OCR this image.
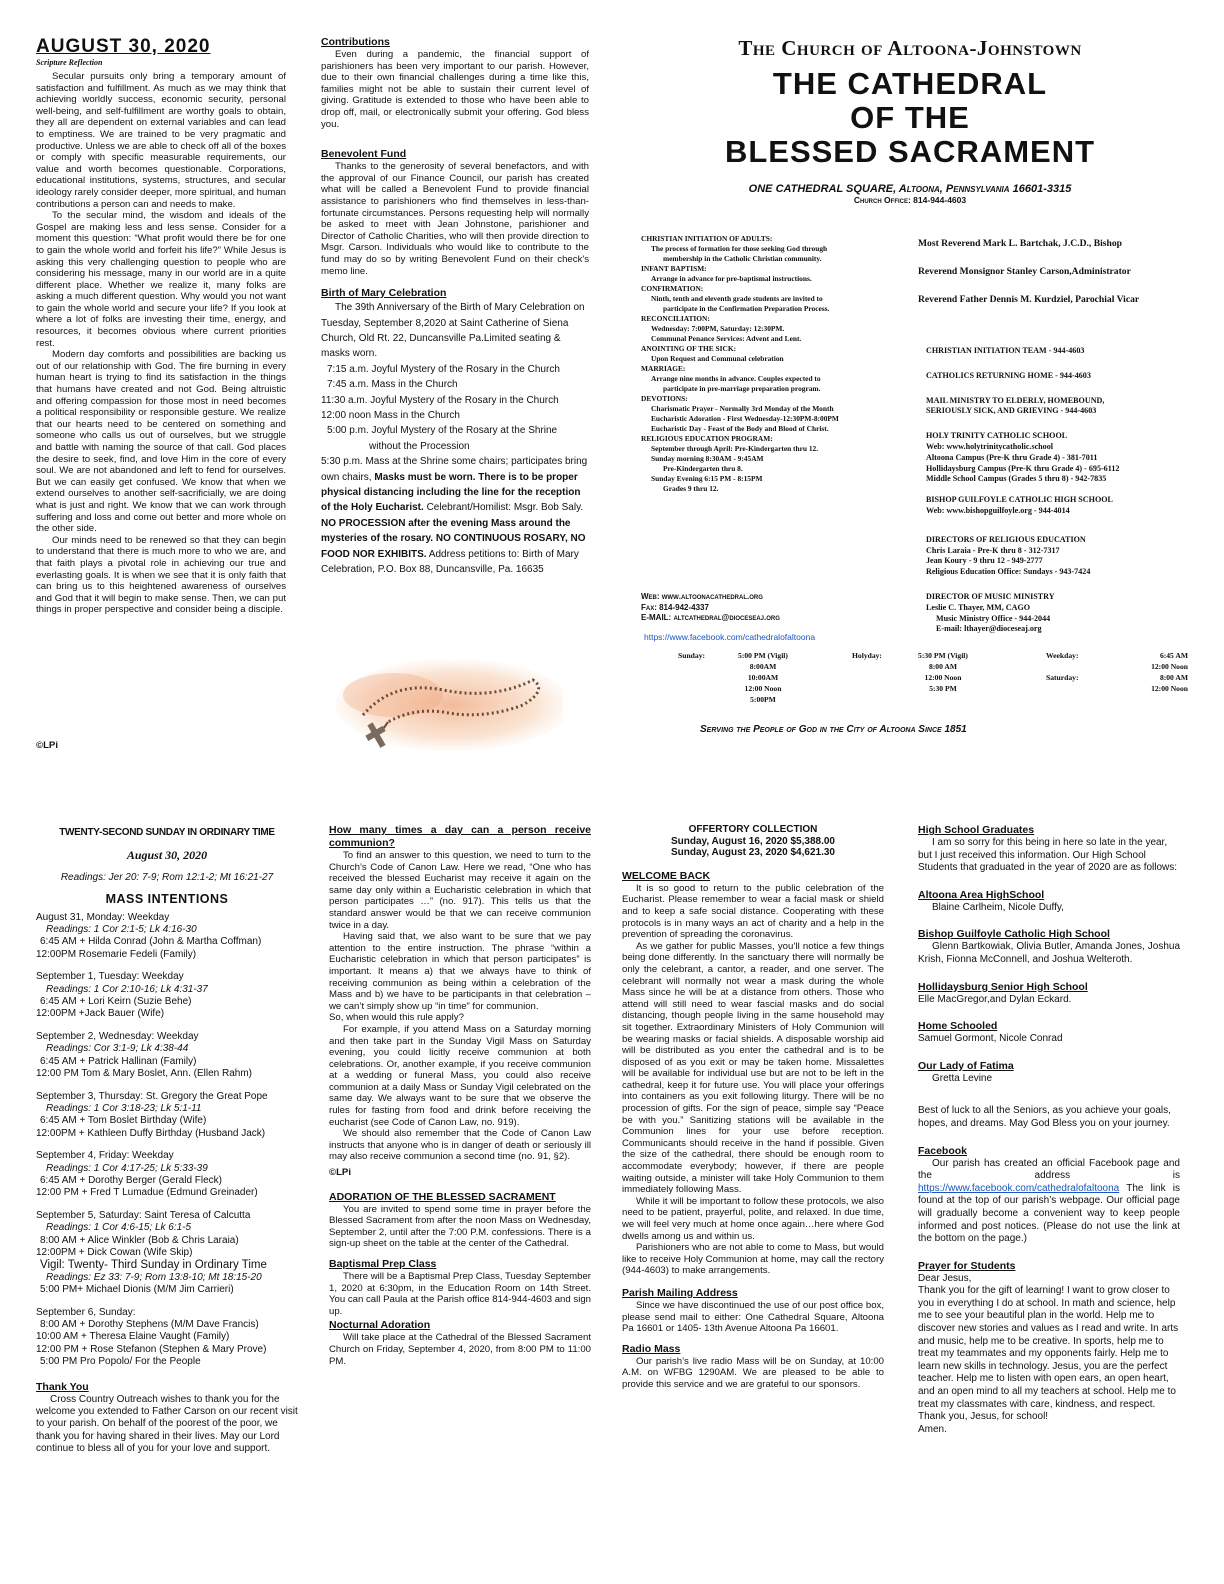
AUGUST 30, 2020
Scripture Reflection

Secular pursuits only bring a temporary amount of satisfaction and fulfillment. As much as we may think that achieving worldly success, economic security, personal well-being, and self-fulfillment are worthy goals to obtain, they all are dependent on external variables and can lead to emptiness. We are trained to be very pragmatic and productive. Unless we are able to check off all of the boxes or comply with specific measurable requirements, our value and worth becomes questionable. Corporations, educational institutions, systems, structures, and secular ideology rarely consider deeper, more spiritual, and human contributions a person can and needs to make.

To the secular mind, the wisdom and ideals of the Gospel are making less and less sense. Consider for a moment this question: “What profit would there be for one to gain the whole world and forfeit his life?” While Jesus is asking this very challenging question to people who are considering his message, many in our world are in a quite different place. Whether we realize it, many folks are asking a much different question. Why would you not want to gain the whole world and secure your life? If you look at where a lot of folks are investing their time, energy, and resources, it becomes obvious where current priorities rest.

Modern day comforts and possibilities are backing us out of our relationship with God. The fire burning in every human heart is trying to find its satisfaction in the things that humans have created and not God. Being altruistic and offering compassion for those most in need becomes a political responsibility or responsible gesture. We realize that our hearts need to be centered on something and someone who calls us out of ourselves, but we struggle and battle with naming the source of that call. God places the desire to seek, find, and love Him in the core of every soul. We are not abandoned and left to fend for ourselves. But we can easily get confused. We know that when we extend ourselves to another self-sacrificially, we are doing what is just and right. We know that we can work through suffering and loss and come out better and more whole on the other side.

Our minds need to be renewed so that they can begin to understand that there is much more to who we are, and that faith plays a pivotal role in achieving our true and everlasting goals. It is when we see that it is only faith that can bring us to this heightened awareness of ourselves and God that it will begin to make sense. Then, we can put things in proper perspective and consider being a disciple.

©LPi
Contributions

Even during a pandemic, the financial support of parishioners has been very important to our parish. However, due to their own financial challenges during a time like this, families might not be able to sustain their current level of giving. Gratitude is extended to those who have been able to drop off, mail, or electronically submit your offering. God bless you.

Benevolent Fund

Thanks to the generosity of several benefactors, and with the approval of our Finance Council, our parish has created what will be called a Benevolent Fund to provide financial assistance to parishioners who find themselves in less-than-fortunate circumstances. Persons requesting help will normally be asked to meet with Jean Johnstone, parishioner and Director of Catholic Charities, who will then provide direction to Msgr. Carson. Individuals who would like to contribute to the fund may do so by writing Benevolent Fund on their check's memo line.

Birth of Mary Celebration

The 39th Anniversary of the Birth of Mary Celebration on Tuesday, September 8,2020 at Saint Catherine of Siena Church, Old Rt. 22, Duncansville Pa.Limited seating & masks worn.

7:15 a.m. Joyful Mystery of the Rosary in the Church
7:45 a.m. Mass in the Church
11:30 a.m. Joyful Mystery of the Rosary in the Church
12:00 noon Mass in the Church
5:00 p.m. Joyful Mystery of the Rosary at the Shrine
without the Procession

5:30 p.m. Mass at the Shrine some chairs; participates bring own chairs, Masks must be worn. There is to be proper physical distancing including the line for the reception of the Holy Eucharist. Celebrant/Homilist: Msgr. Bob Saly. NO PROCESSION after the evening Mass around the mysteries of the rosary. NO CONTINUOUS ROSARY, NO FOOD NOR EXHIBITS. Address petitions to: Birth of Mary Celebration, P.O. Box 88, Duncansville, Pa. 16635

The Church of Altoona-Johnstown
THE CATHEDRAL
OF THE
BLESSED SACRAMENT
ONE CATHEDRAL SQUARE, Altoona, Pennsylvania 16601-3315
Church Office: 814-944-4603
CHRISTIAN INITIATION OF ADULTS:
The process of formation for those seeking God through
membership in the Catholic Christian community.
INFANT BAPTISM:
Arrange in advance for pre-baptismal instructions.
CONFIRMATION:
Ninth, tenth and eleventh grade students are invited to
participate in the Confirmation Preparation Process.
RECONCILIATION:
Wednesday: 7:00PM, Saturday: 12:30PM.
Communal Penance Services: Advent and Lent.
ANOINTING OF THE SICK:
Upon Request and Communal celebration
MARRIAGE:
Arrange nine months in advance. Couples expected to
participate in pre-marriage preparation program.
DEVOTIONS:
Charismatic Prayer - Normally 3rd Monday of the Month
Eucharistic Adoration - First Wednesday-12:30PM-8:00PM
Eucharistic Day - Feast of the Body and Blood of Christ.
RELIGIOUS EDUCATION PROGRAM:
September through April: Pre-Kindergarten thru 12.
Sunday morning 8:30AM - 9:45AM
Pre-Kindergarten thru 8.
Sunday Evening 6:15 PM - 8:15PM
Grades 9 thru 12.
Web: www.altoonacathedral.org
Fax: 814-942-4337
E-MAIL: altcathedral@dioceseaj.org
https://www.facebook.com/cathedralofaltoona
Most Reverend Mark L. Bartchak, J.C.D., Bishop
Reverend Monsignor Stanley Carson,Administrator
Reverend Father Dennis M. Kurdziel, Parochial Vicar
CHRISTIAN INITIATION TEAM - 944-4603
CATHOLICS RETURNING HOME - 944-4603
MAIL MINISTRY TO ELDERLY, HOMEBOUND,
SERIOUSLY SICK, AND GRIEVING - 944-4603
HOLY TRINITY CATHOLIC SCHOOL
Web: www.holytrinitycatholic.school
Altoona Campus (Pre-K thru Grade 4) - 381-7011
Hollidaysburg Campus (Pre-K thru Grade 4) - 695-6112
Middle School Campus (Grades 5 thru 8) - 942-7835
BISHOP GUILFOYLE CATHOLIC HIGH SCHOOL
Web: www.bishopguilfoyle.org - 944-4014
DIRECTORS OF RELIGIOUS EDUCATION
Chris Laraia - Pre-K thru 8 - 312-7317
Jean Koury - 9 thru 12 - 949-2777
Religious Education Office: Sundays - 943-7424
DIRECTOR OF MUSIC MINISTRY
Leslie C. Thayer, MM, CAGO
Music Ministry Office - 944-2044
E-mail: lthayer@dioceseaj.org
Sunday:	5:00 PM (Vigil)
8:00AM
10:00AM
12:00 Noon
5:00PM
Holyday:	5:30 PM (Vigil)
8:00 AM
12:00 Noon
5:30 PM
Weekday:	6:45 AM
12:00 Noon
Saturday:	8:00 AM
12:00 Noon
Serving the People of God in the City of Altoona Since 1851
TWENTY-SECOND SUNDAY IN ORDINARY TIME
August 30, 2020
Readings: Jer 20: 7-9; Rom 12:1-2; Mt 16:21-27
MASS INTENTIONS
August 31, Monday: Weekday
Readings: 1 Cor 2:1-5; Lk 4:16-30
6:45 AM + Hilda Conrad (John & Martha Coffman)
12:00PM Rosemarie Fedeli (Family)
September 1, Tuesday: Weekday
Readings: 1 Cor 2:10-16; Lk 4:31-37
6:45 AM + Lori Keirn (Suzie Behe)
12:00PM +Jack Bauer (Wife)
September 2, Wednesday: Weekday
Readings: Cor 3:1-9; Lk 4:38-44
6:45 AM + Patrick Hallinan (Family)
12:00 PM Tom & Mary Boslet, Ann. (Ellen Rahm)
September 3, Thursday: St. Gregory the Great Pope
Readings: 1 Cor 3:18-23; Lk 5:1-11
6:45 AM + Tom Boslet Birthday (Wife)
12:00PM + Kathleen Duffy Birthday (Husband Jack)
September 4, Friday: Weekday
Readings: 1 Cor 4:17-25; Lk 5:33-39
6:45 AM + Dorothy Berger (Gerald Fleck)
12:00 PM + Fred T Lumadue (Edmund Greinader)
September 5, Saturday: Saint Teresa of Calcutta
Readings: 1 Cor 4:6-15; Lk 6:1-5
8:00 AM + Alice Winkler (Bob & Chris Laraia)
12:00PM + Dick Cowan (Wife Skip)
Vigil: Twenty- Third Sunday in Ordinary Time
Readings: Ez 33: 7-9; Rom 13:8-10; Mt 18:15-20
5:00 PM+ Michael Dionis (M/M Jim Carrieri)
September 6, Sunday:
8:00 AM + Dorothy Stephens (M/M Dave Francis)
10:00 AM + Theresa Elaine Vaught (Family)
12:00 PM + Rose Stefanon (Stephen & Mary Prove)
5:00 PM Pro Popolo/ For the People
Thank You

Cross Country Outreach wishes to thank you for the welcome you extended to Father Carson on our recent visit to your parish. On behalf of the poorest of the poor, we thank you for having shared in their lives. May our Lord continue to bless all of you for your love and support.

How many times a day can a person receive communion?

To find an answer to this question, we need to turn to the Church’s Code of Canon Law. Here we read, “One who has received the blessed Eucharist may receive it again on the same day only within a Eucharistic celebration in which that person participates …” (no. 917). This tells us that the standard answer would be that we can receive communion twice in a day.

Having said that, we also want to be sure that we pay attention to the entire instruction. The phrase “within a Eucharistic celebration in which that person participates” is important. It means a) that we always have to think of receiving communion as being within a celebration of the Mass and b) we have to be participants in that celebration – we can’t simply show up “in time” for communion.

So, when would this rule apply?

For example, if you attend Mass on a Saturday morning and then take part in the Sunday Vigil Mass on Saturday evening, you could licitly receive communion at both celebrations. Or, another example, if you receive communion at a wedding or funeral Mass, you could also receive communion at a daily Mass or Sunday Vigil celebrated on the same day. We always want to be sure that we observe the rules for fasting from food and drink before receiving the eucharist (see Code of Canon Law, no. 919).

We should also remember that the Code of Canon Law instructs that anyone who is in danger of death or seriously ill may also receive communion a second time (no. 91, §2).

©LPi
ADORATION OF THE BLESSED SACRAMENT

You are invited to spend some time in prayer before the Blessed Sacrament from after the noon Mass on Wednesday, September 2, until after the 7:00 P.M. confessions. There is a sign-up sheet on the table at the center of the Cathedral.

Baptismal Prep Class

There will be a Baptismal Prep Class, Tuesday September 1, 2020 at 6:30pm, in the Education Room on 14th Street. You can call Paula at the Parish office 814-944-4603 and sign up.

Nocturnal Adoration

Will take place at the Cathedral of the Blessed Sacrament Church on Friday, September 4, 2020, from 8:00 PM to 11:00 PM.

OFFERTORY COLLECTION
Sunday, August 16, 2020 $5,388.00
Sunday, August 23, 2020 $4,621.30
WELCOME BACK

It is so good to return to the public celebration of the Eucharist. Please remember to wear a facial mask or shield and to keep a safe social distance. Cooperating with these protocols is in many ways an act of charity and a help in the prevention of spreading the coronavirus.

As we gather for public Masses, you’ll notice a few things being done differently. In the sanctuary there will normally be only the celebrant, a cantor, a reader, and one server. The celebrant will normally not wear a mask during the whole Mass since he will be at a distance from others. Those who attend will still need to wear fascial masks and do social distancing, though people living in the same household may sit together. Extraordinary Ministers of Holy Communion will be wearing masks or facial shields. A disposable worship aid will be distributed as you enter the cathedral and is to be disposed of as you exit or may be taken home. Missalettes will be available for individual use but are not to be left in the cathedral, keep it for future use. You will place your offerings into containers as you exit following liturgy. There will be no procession of gifts. For the sign of peace, simple say “Peace be with you.” Sanitizing stations will be available in the Communion lines for your use before reception. Communicants should receive in the hand if possible. Given the size of the cathedral, there should be enough room to accommodate everybody; however, if there are people waiting outside, a minister will take Holy Communion to them immediately following Mass.

While it will be important to follow these protocols, we also need to be patient, prayerful, polite, and relaxed. In due time, we will feel very much at home once again…here where God dwells among us and within us.

Parishioners who are not able to come to Mass, but would like to receive Holy Communion at home, may call the rectory (944-4603) to make arrangements.

Parish Mailing Address

Since we have discontinued the use of our post office box, please send mail to either: One Cathedral Square, Altoona Pa 16601 or 1405- 13th Avenue Altoona Pa 16601.

Radio Mass

Our parish’s live radio Mass will be on Sunday, at 10:00 A.M. on WFBG 1290AM. We are pleased to be able to provide this service and we are grateful to our sponsors.

High School Graduates

I am so sorry for this being in here so late in the year, but I just received this information. Our High School Students that graduated in the year of 2020 are as follows:

Altoona Area HighSchool

Blaine Carlheim, Nicole Duffy,

Bishop Guilfoyle Catholic High School

Glenn Bartkowiak, Olivia Butler, Amanda Jones, Joshua Krish, Fionna McConnell, and Joshua Welteroth.

Hollidaysburg Senior High School

Elle MacGregor,and Dylan Eckard.

Home Schooled

Samuel Gormont, Nicole Conrad

Our Lady of Fatima

Gretta Levine

Best of luck to all the Seniors, as you achieve your goals, hopes, and dreams. May God Bless you on your journey.

Facebook

Our parish has created an official Facebook page and the address is https://www.facebook.com/cathedralofaltoona The link is found at the top of our parish’s webpage. Our official page will gradually become a convenient way to keep people informed and post notices. (Please do not use the link at the bottom on the page.)

Prayer for Students
Dear Jesus,

Thank you for the gift of learning! I want to grow closer to you in everything I do at school. In math and science, help me to see your beautiful plan in the world. Help me to discover new stories and values as I read and write. In arts and music, help me to be creative. In sports, help me to treat my teammates and my opponents fairly. Help me to learn new skills in technology. Jesus, you are the perfect teacher. Help me to listen with open ears, an open heart, and an open mind to all my teachers at school. Help me to treat my classmates with care, kindness, and respect. Thank you, Jesus, for school!

Amen.
